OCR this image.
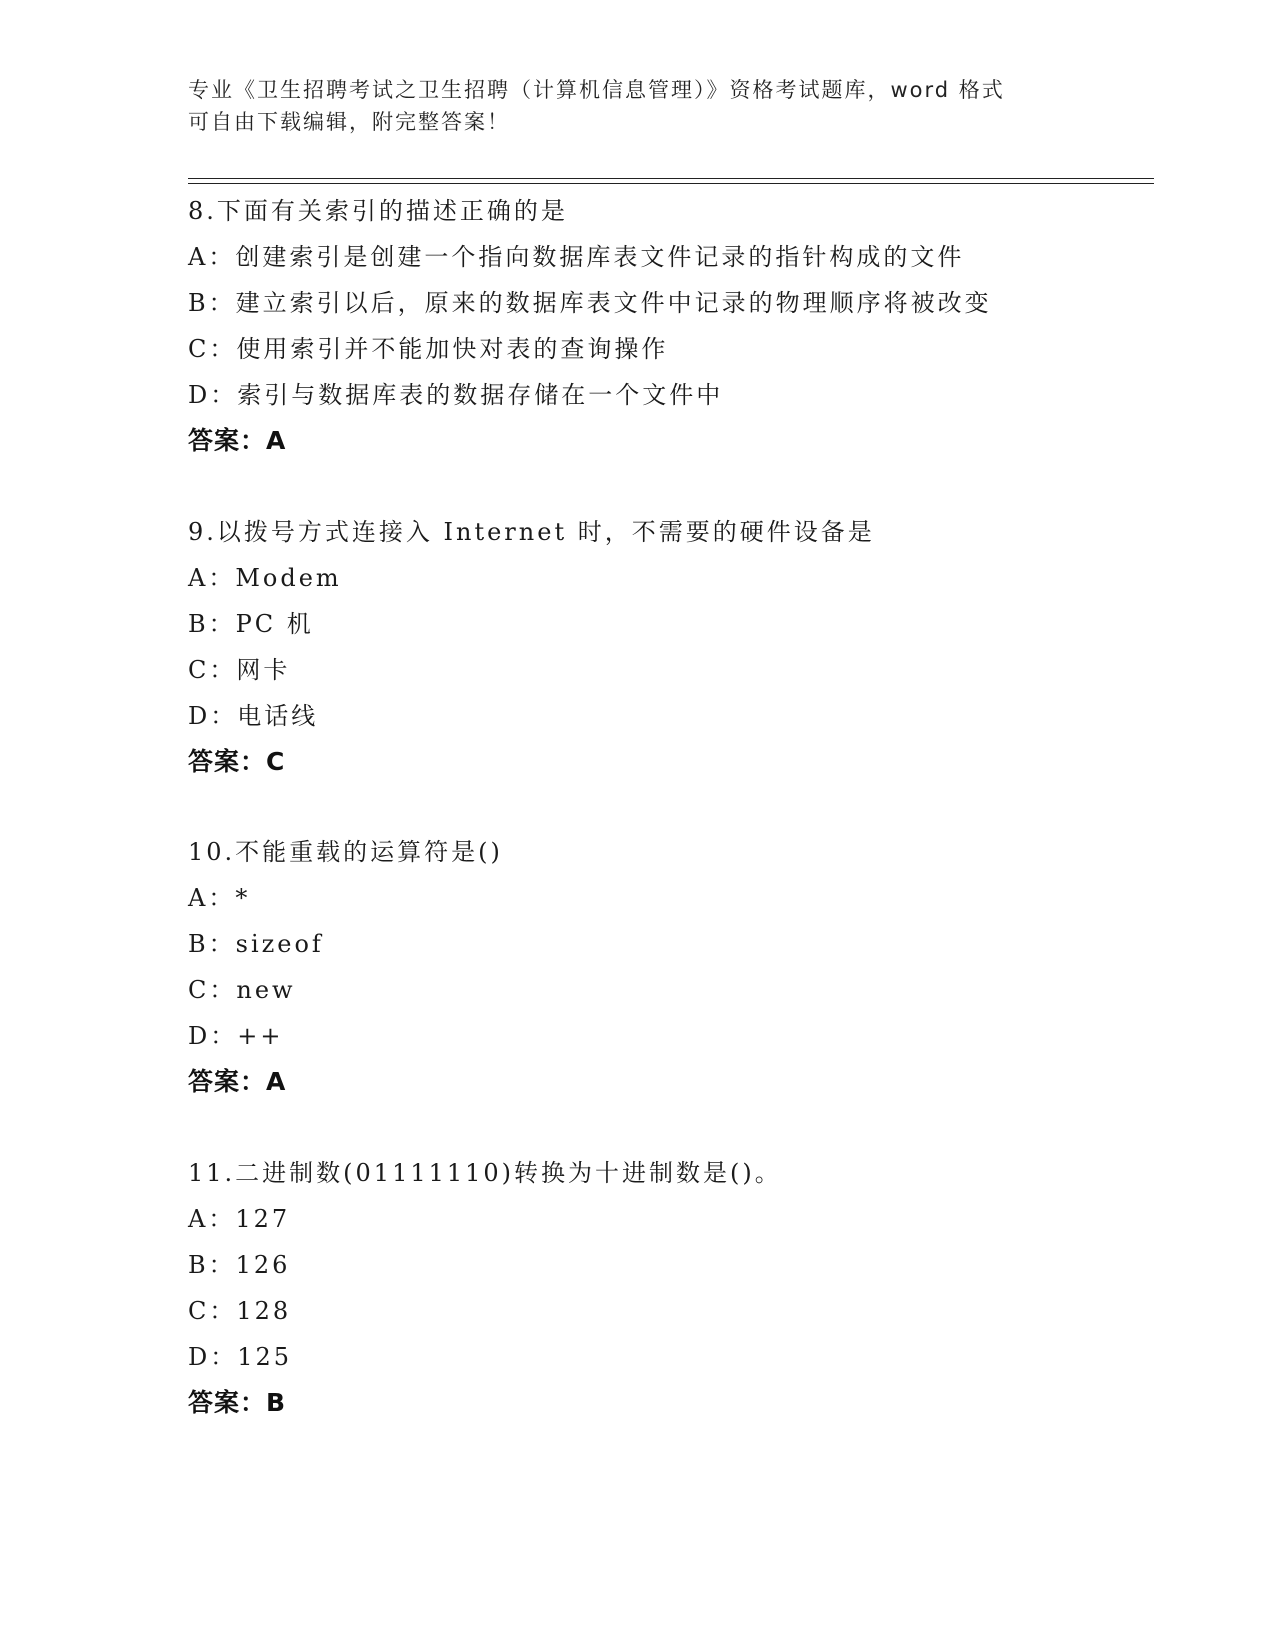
专业《卫生招聘考试之卫生招聘（计算机信息管理）》资格考试题库，word 格式
可自由下载编辑，附完整答案！
8.下面有关索引的描述正确的是
A：创建索引是创建一个指向数据库表文件记录的指针构成的文件
B：建立索引以后，原来的数据库表文件中记录的物理顺序将被改变
C：使用索引并不能加快对表的查询操作
D：索引与数据库表的数据存储在一个文件中
答案：A
9.以拨号方式连接入 Internet 时，不需要的硬件设备是
A：Modem
B：PC 机
C：网卡
D：电话线
答案：C
10.不能重载的运算符是()
A：*
B：sizeof
C：new
D：++
答案：A
11.二进制数(01111110)转换为十进制数是()。
A：127
B：126
C：128
D：125
答案：B
